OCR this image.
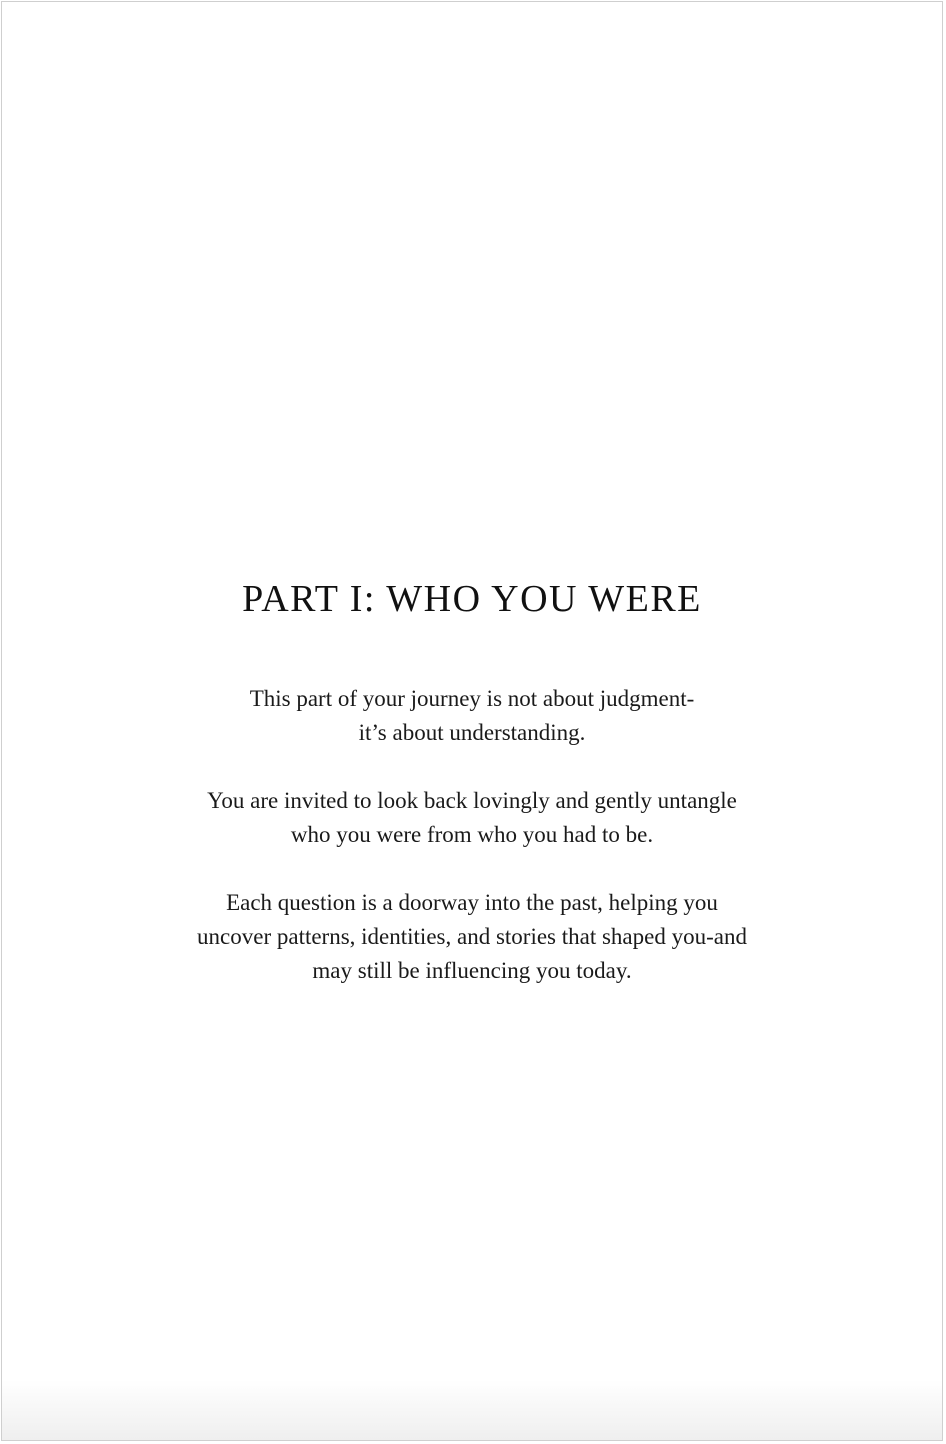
PART I: WHO YOU WERE

This part of your journey is not about judgment-
it’s about understanding.

You are invited to look back lovingly and gently untangle
who you were from who you had to be.

Each question is a doorway into the past, helping you
uncover patterns, identities, and stories that shaped you-and
may still be influencing you today.
